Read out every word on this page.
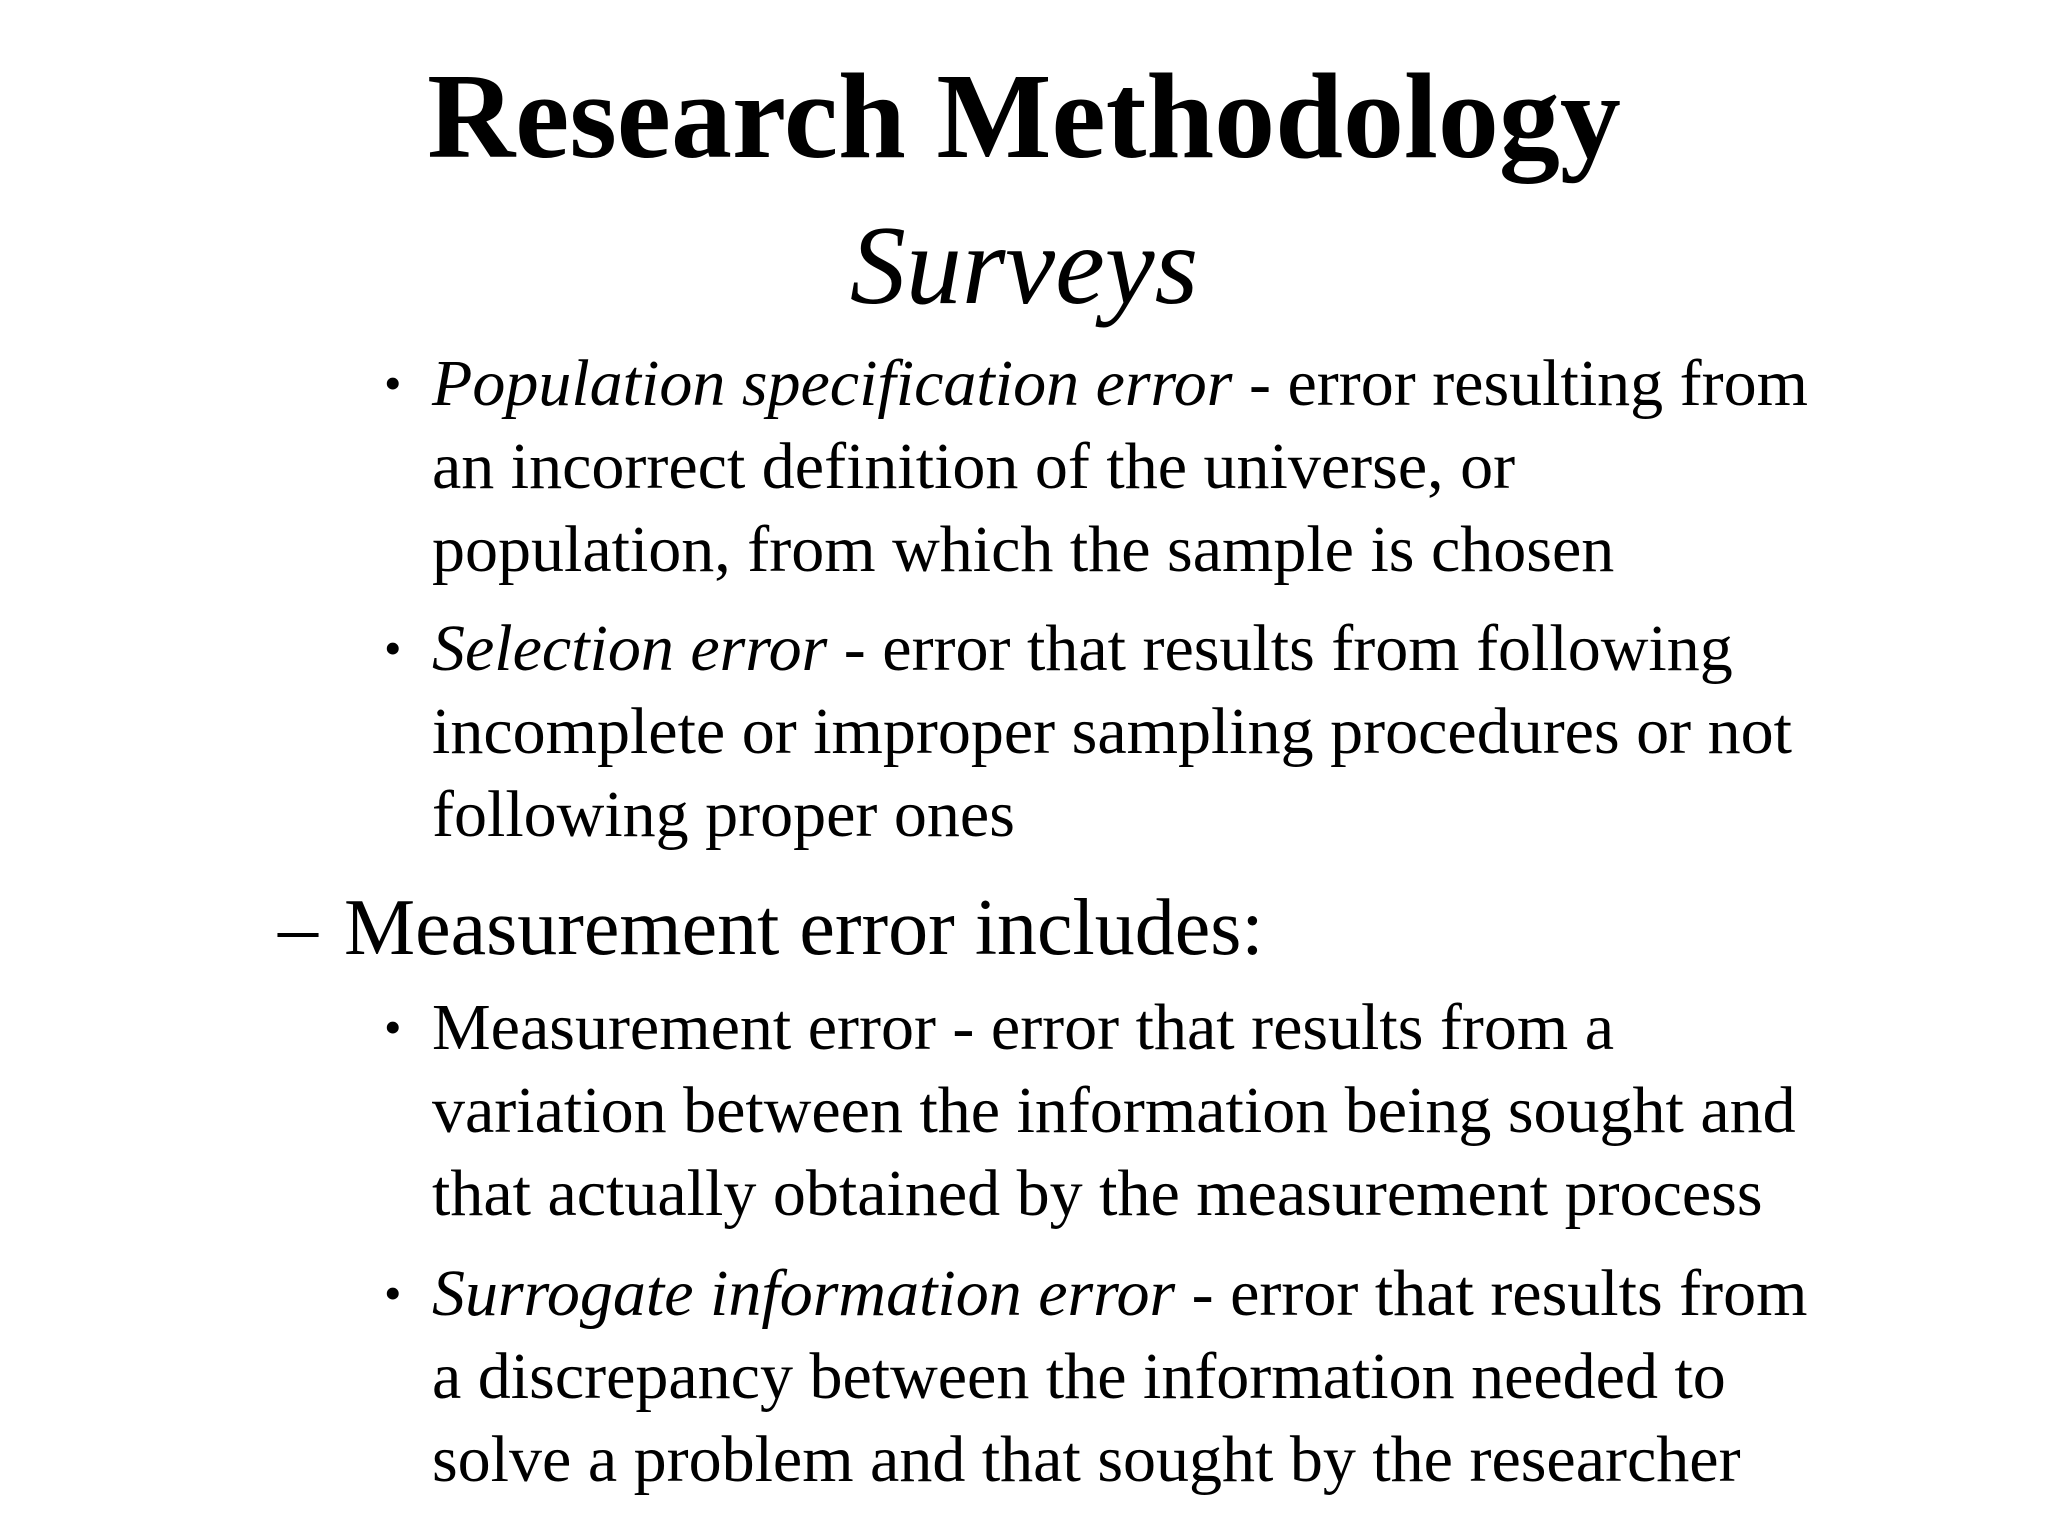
Research Methodology
Surveys
• Population specification error - error resulting from
an incorrect definition of the universe, or
population, from which the sample is chosen
• Selection error - error that results from following
incomplete or improper sampling procedures or not
following proper ones
– Measurement error includes:
• Measurement error - error that results from a
variation between the information being sought and
that actually obtained by the measurement process
• Surrogate information error - error that results from
a discrepancy between the information needed to
solve a problem and that sought by the researcher
